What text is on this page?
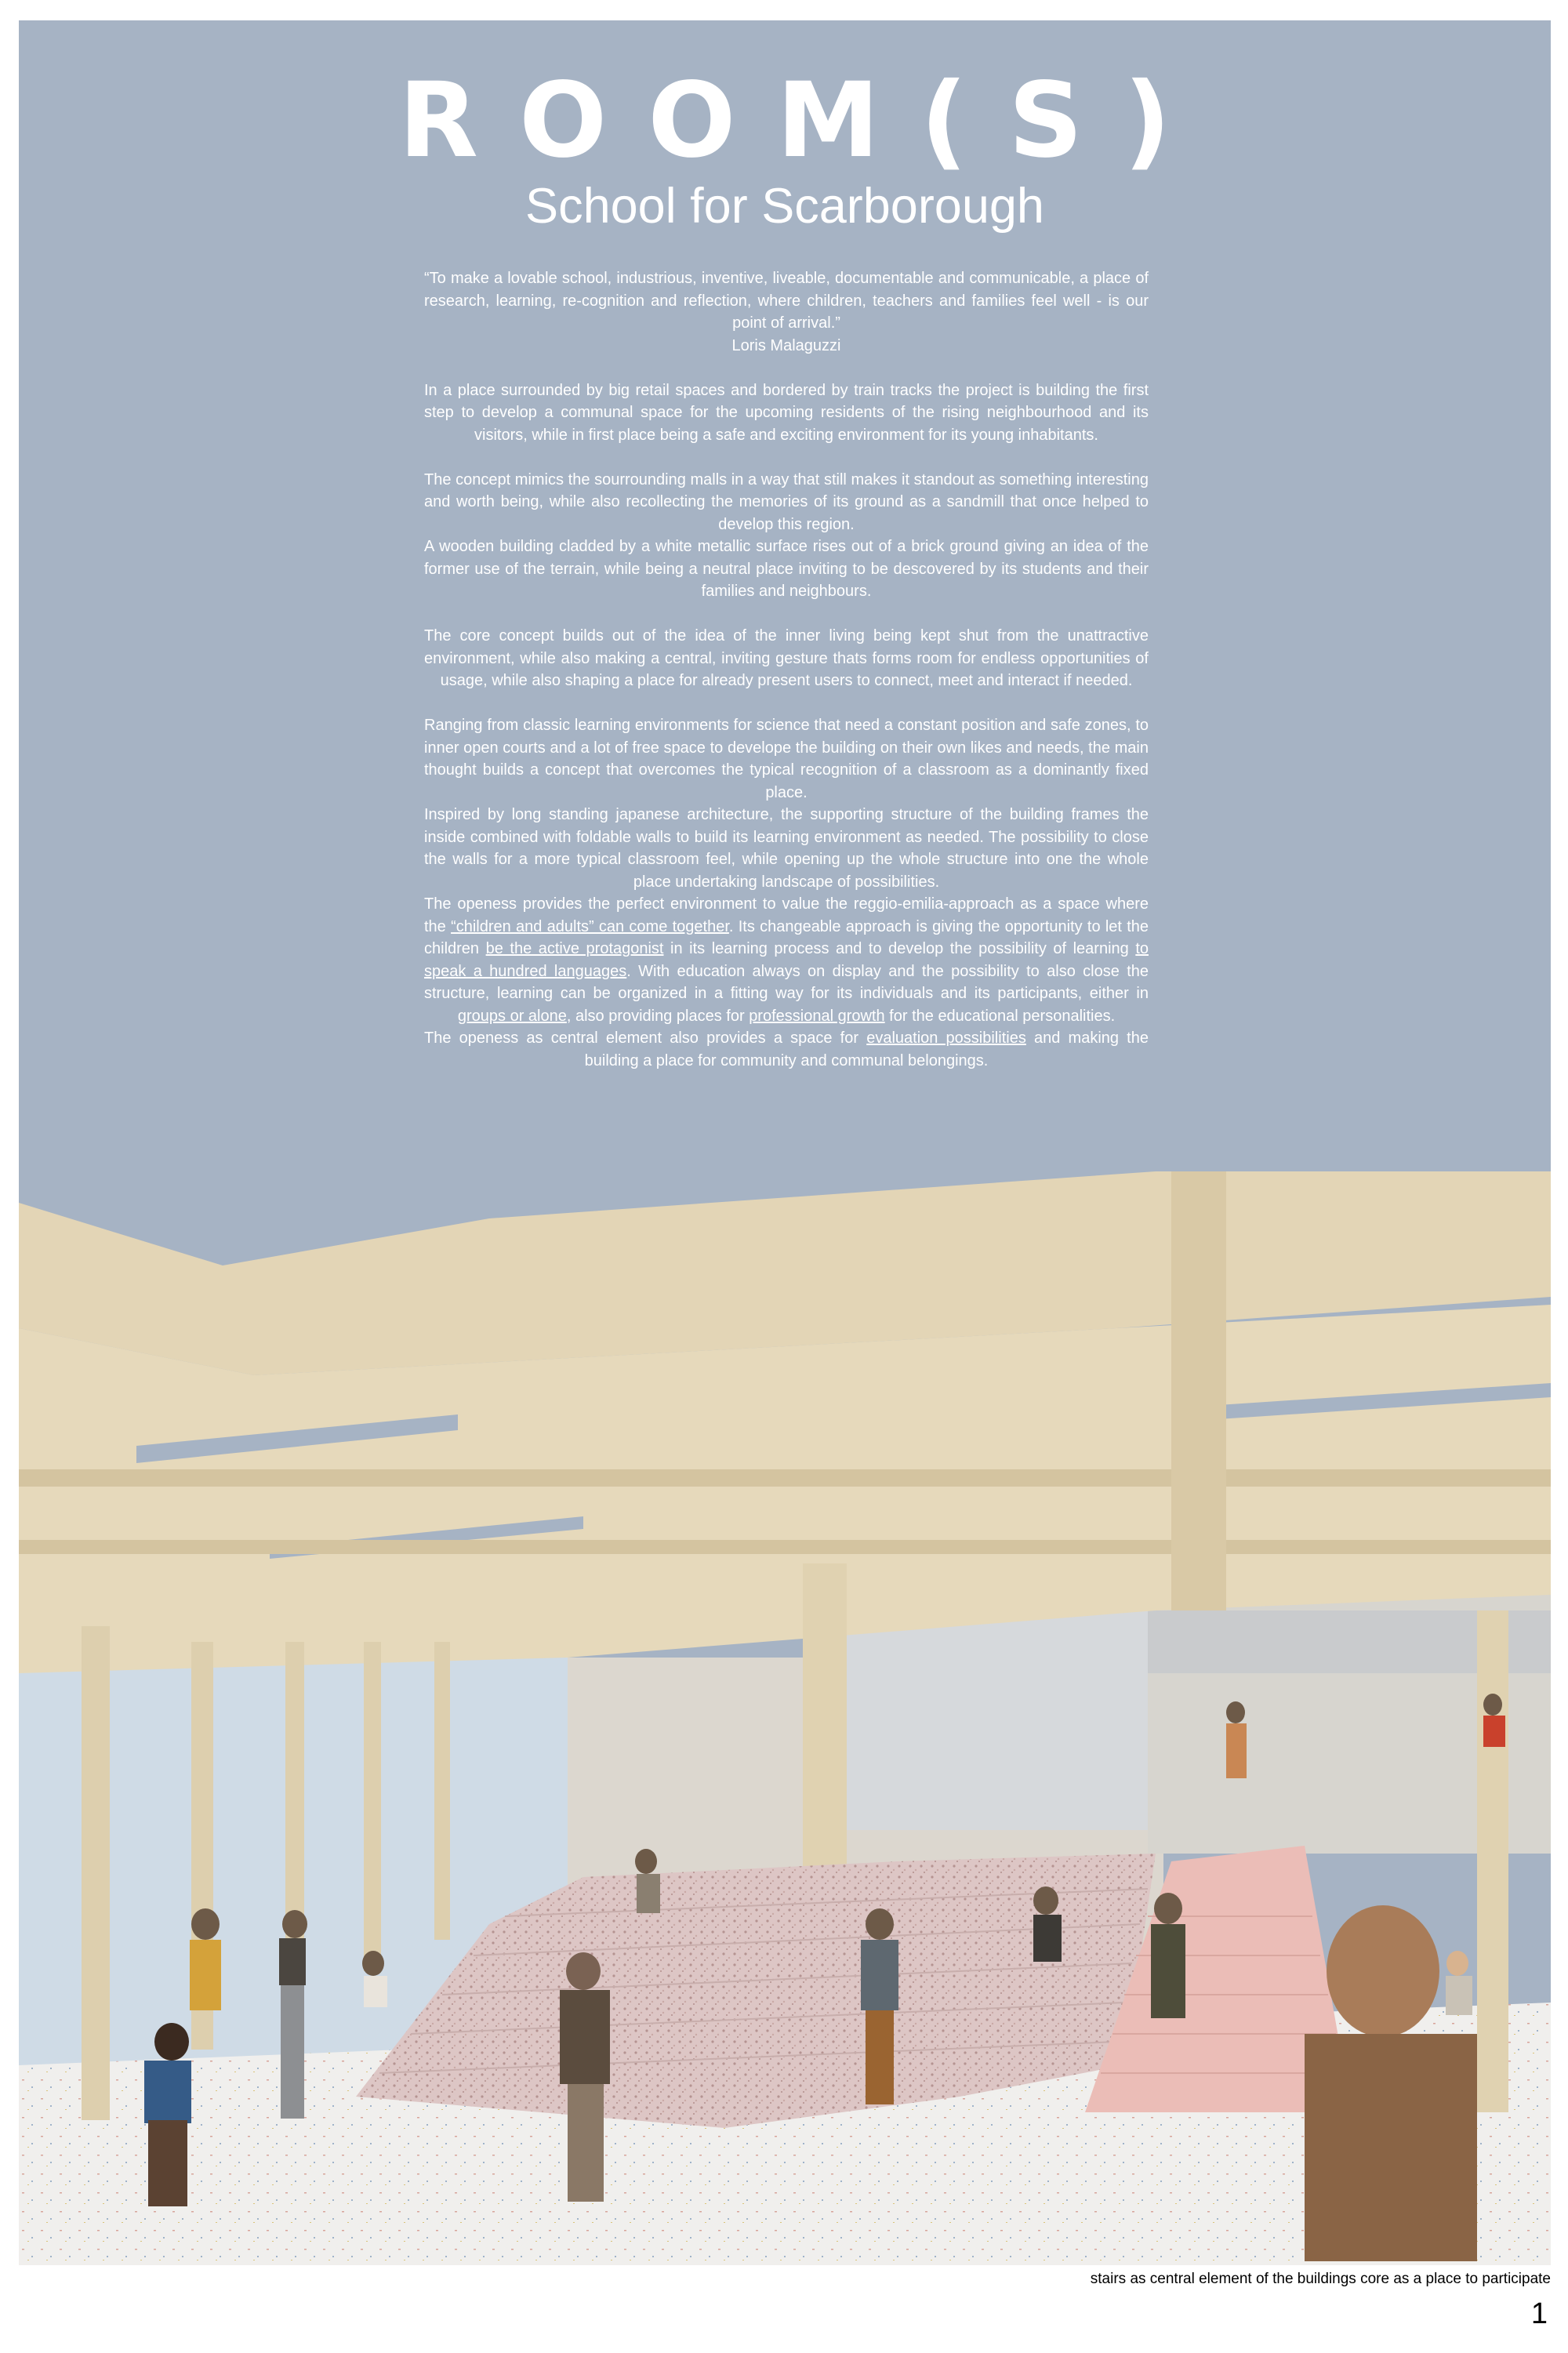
ROOM(S)
School for Scarborough

“To make a lovable school, industrious, inventive, liveable, documentable and communicable, a place of research, learning, re-cognition and reflection, where children, teachers and families feel well - is our point of arrival.”

Loris Malaguzzi

In a place surrounded by big retail spaces and bordered by train tracks the project is building the first step to develop a communal space for the upcoming residents of the rising neighbourhood and its visitors, while in first place being a safe and exciting environment for its young inhabitants.

The concept mimics the sourrounding malls in a way that still makes it standout as something interesting and worth being, while also recollecting the memories of its ground as a sandmill that once helped to develop this region.

A wooden building cladded by a white metallic surface rises out of a brick ground giving an idea of the former use of the terrain, while being a neutral place inviting to be descovered by its students and their families and neighbours.

The core concept builds out of the idea of the inner living being kept shut from the unattractive environment, while also making a central, inviting gesture thats forms room for endless opportunities of usage, while also shaping a place for already present users to connect, meet and interact if needed.

Ranging from classic learning environments for science that need a constant position and safe zones, to inner open courts and a lot of free space to develope the building on their own likes and needs, the main thought builds a concept that overcomes the typical recognition of a classroom as a dominantly fixed place.

Inspired by long standing japanese architecture, the supporting structure of the building frames the inside combined with foldable walls to build its learning environment as needed. The possibility to close the walls for a more typical classroom feel, while opening up the whole structure into one the whole place undertaking landscape of possibilities.

The openess provides the perfect environment to value the reggio-emilia-approach as a space where the “children and adults” can come together. Its changeable approach is giving the opportunity to let the children be the active protagonist in its learning process and to develop the possibility of learning to speak a hundred languages. With education always on display and the possibility to also close the structure, learning can be organized in a fitting way for its individuals and its participants, either in groups or alone, also providing places for professional growth for the educational personalities.

The openess as central element also provides a space for evaluation possibilities and making the building a place for community and communal belongings.

stairs as central element of the buildings core as a place to participate
1
